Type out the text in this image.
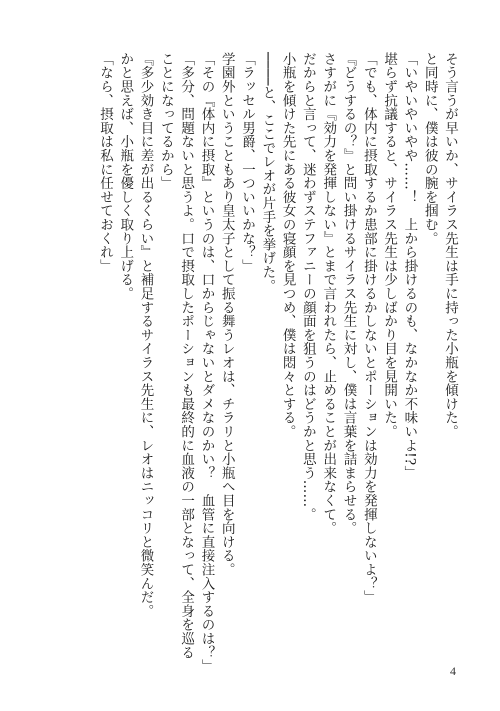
そう言うが早いか、サイラス先生は手に持った小瓶を傾けた。

と同時に、僕は彼の腕を掴む。

「いやいやいやや……！　上から掛けるのも、なかなか不味いよ!?」

堪らず抗議すると、サイラス先生は少しばかり目を見開いた。

「でも、体内に摂取するか患部に掛けるかしないとポーションは効力を発揮しないよ？」

『どうするの？』と問い掛けるサイラス先生に対し、僕は言葉を詰まらせる。

さすがに『効力を発揮しない』とまで言われたら、止めることが出来なくて。

だからと言って、迷わずステファニーの顔面を狙うのはどうかと思う……。

小瓶を傾けた先にある彼女の寝顔を見つめ、僕は悶々とする。

────と、ここでレオが片手を挙げた。

「ラッセル男爵、一ついいかな？」

学園外ということもあり皇太子として振る舞うレオは、チラリと小瓶へ目を向ける。

「その『体内に摂取』というのは、口からじゃないとダメなのかい？　血管に直接注入するのは？」

「多分、問題ないと思うよ。口で摂取したポーションも最終的に血液の一部となって、全身を巡る

ことになってるから」

『多少効き目に差が出るくらい』と補足するサイラス先生に、レオはニッコリと微笑んだ。

かと思えば、小瓶を優しく取り上げる。

「なら、摂取は私に任せておくれ」

4
